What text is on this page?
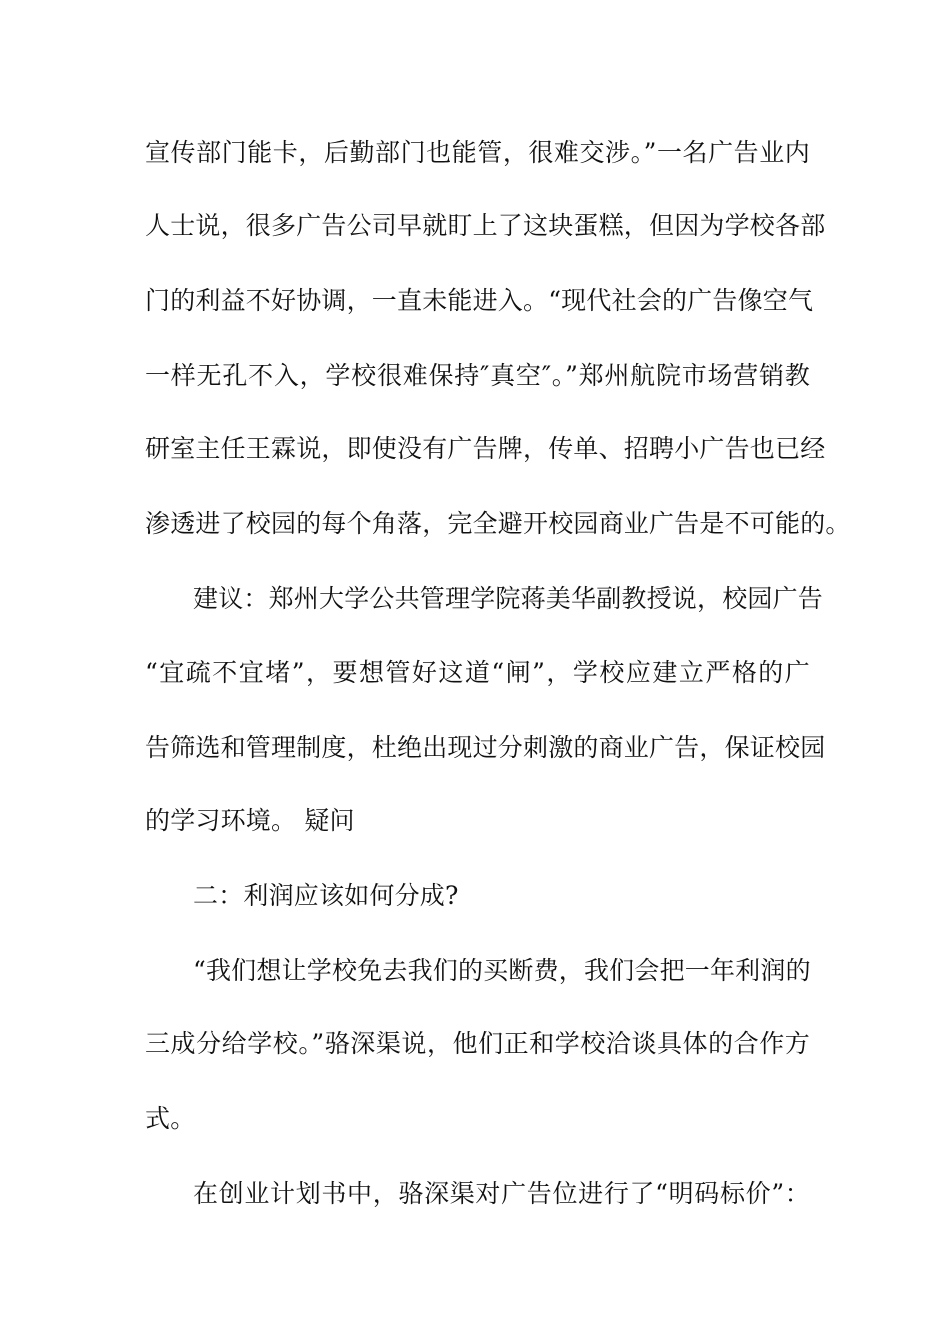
宣传部门能卡，后勤部门也能管，很难交涉。”一名广告业内
人士说，很多广告公司早就盯上了这块蛋糕，但因为学校各部
门的利益不好协调，一直未能进入。“现代社会的广告像空气
一样无孔不入，学校很难保持″真空″。”郑州航院市场营销教
研室主任王霖说，即使没有广告牌，传单、招聘小广告也已经
渗透进了校园的每个角落，完全避开校园商业广告是不可能的。
建议：郑州大学公共管理学院蒋美华副教授说，校园广告
“宜疏不宜堵”，要想管好这道“闸”，学校应建立严格的广
告筛选和管理制度，杜绝出现过分刺激的商业广告，保证校园
的学习环境。 疑问
二：利润应该如何分成?
“我们想让学校免去我们的买断费，我们会把一年利润的
三成分给学校。”骆深渠说，他们正和学校洽谈具体的合作方
式。
在创业计划书中，骆深渠对广告位进行了“明码标价”：
